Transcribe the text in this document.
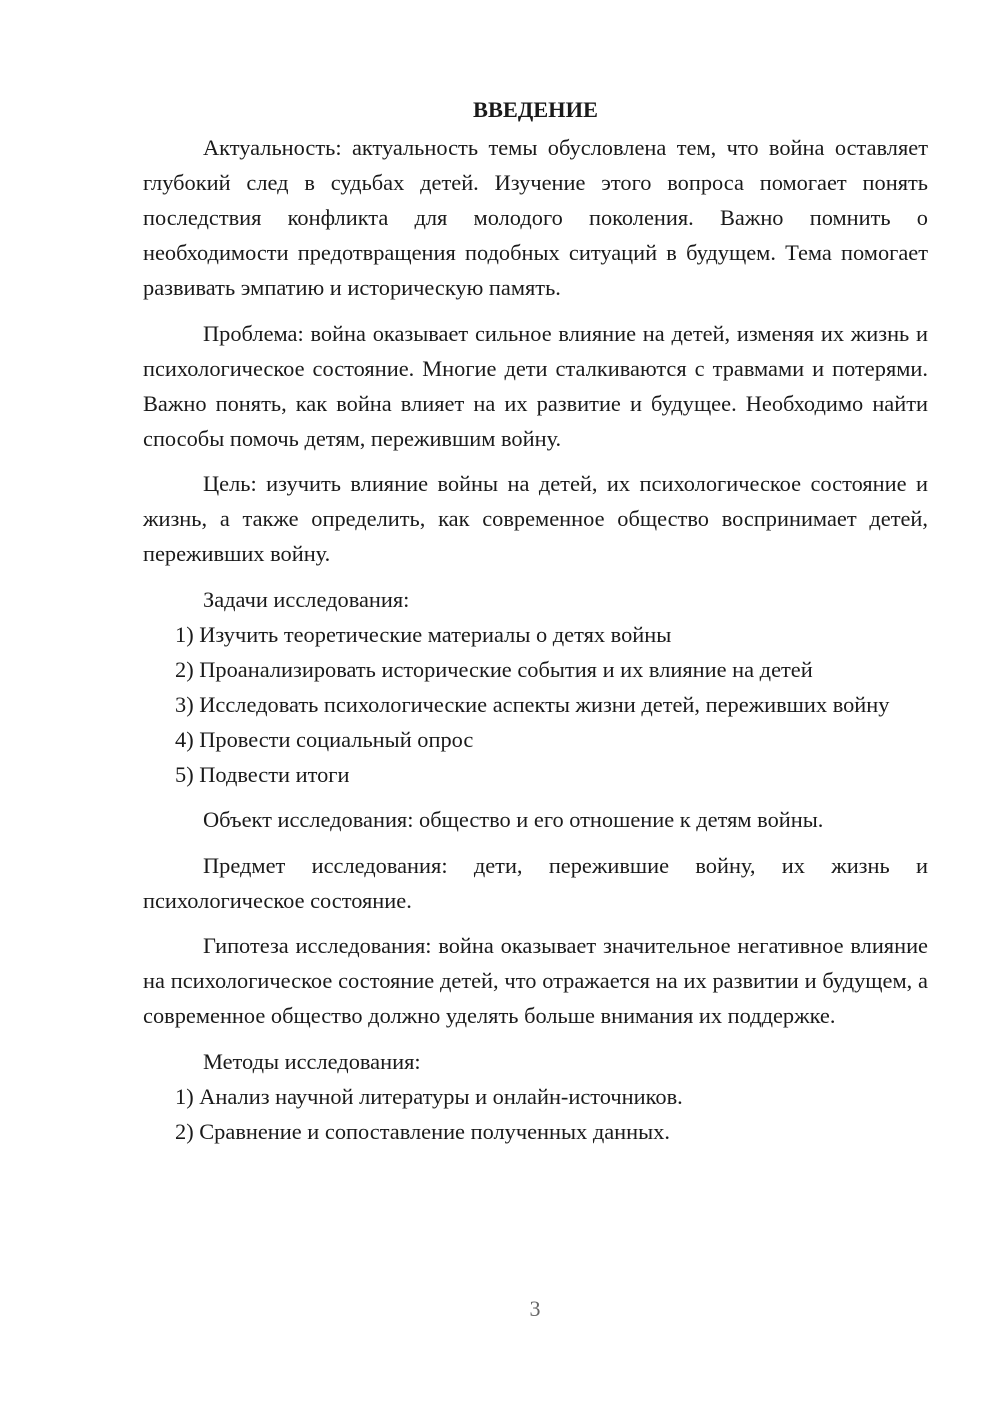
ВВЕДЕНИЕ

Актуальность: актуальность темы обусловлена тем, что война оставляет глубокий след в судьбах детей. Изучение этого вопроса помогает понять последствия конфликта для молодого поколения. Важно помнить о необходимости предотвращения подобных ситуаций в будущем. Тема помогает развивать эмпатию и историческую память.

Проблема: война оказывает сильное влияние на детей, изменяя их жизнь и психологическое состояние. Многие дети сталкиваются с травмами и потерями. Важно понять, как война влияет на их развитие и будущее. Необходимо найти способы помочь детям, пережившим войну.

Цель: изучить влияние войны на детей, их психологическое состояние и жизнь, а также определить, как современное общество воспринимает детей, переживших войну.

Задачи исследования:

1) Изучить теоретические материалы о детях войны

2) Проанализировать исторические события и их влияние на детей

3) Исследовать психологические аспекты жизни детей, переживших войну

4) Провести социальный опрос

5) Подвести итоги

Объект исследования: общество и его отношение к детям войны.

Предмет исследования: дети, пережившие войну, их жизнь и психологическое состояние.

Гипотеза исследования: война оказывает значительное негативное влияние на психологическое состояние детей, что отражается на их развитии и будущем, а современное общество должно уделять больше внимания их поддержке.

Методы исследования:

1) Анализ научной литературы и онлайн-источников.

2) Сравнение и сопоставление полученных данных.

3
